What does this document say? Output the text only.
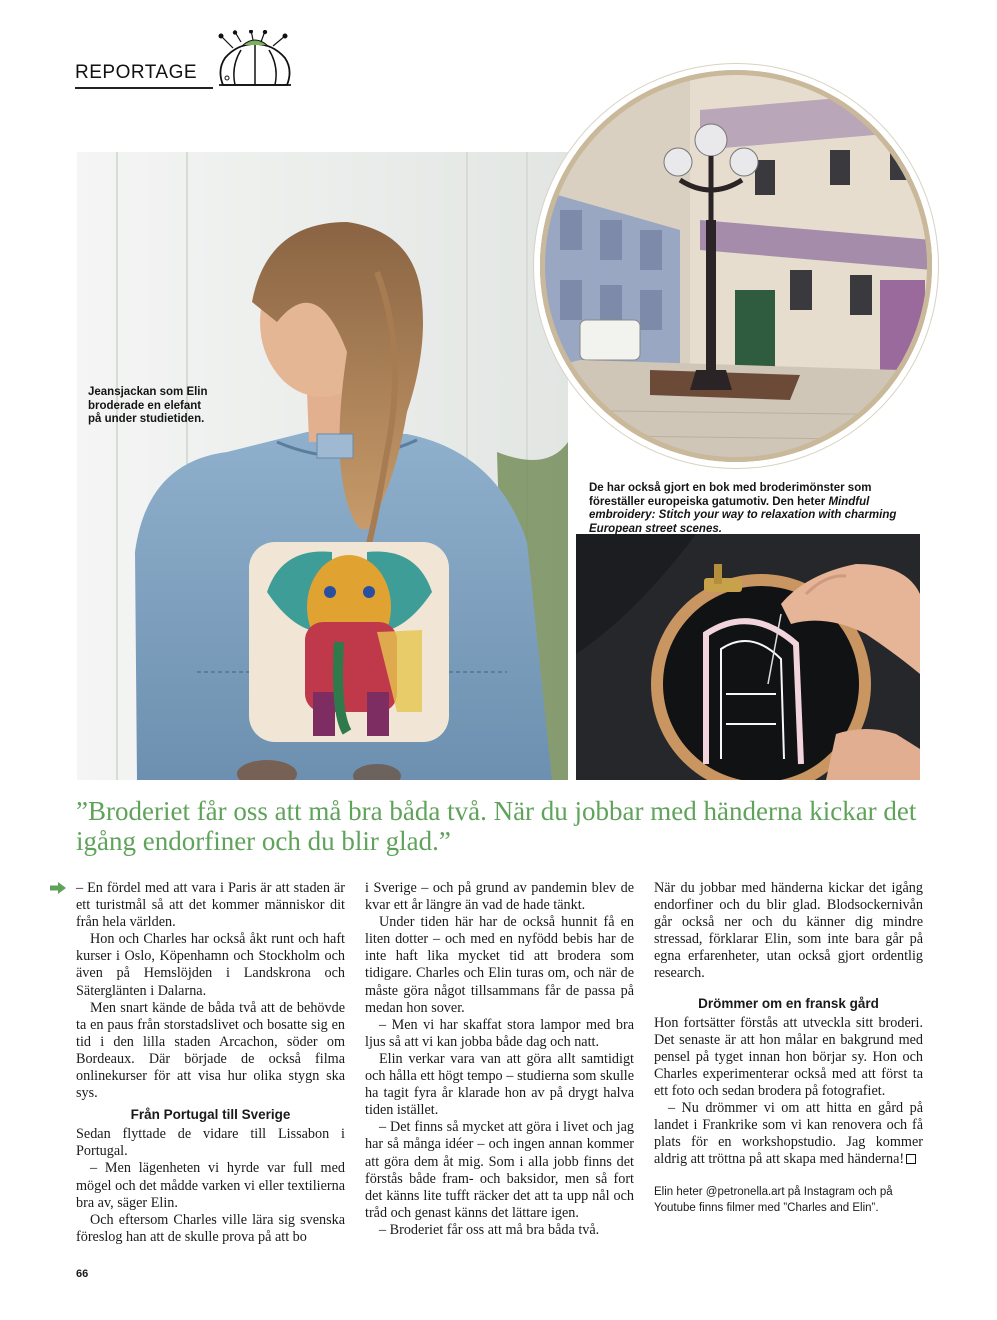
REPORTAGE
Jeansjackan som Elin broderade en elefant på under studietiden.
De har också gjort en bok med broderimönster som föreställer europeiska gatumotiv. Den heter Mindful embroidery: Stitch your way to relaxation with charming European street scenes.
”Broderiet får oss att må bra båda två. När du jobbar med händerna kickar det igång endorfiner och du blir glad.”

– En fördel med att vara i Paris är att staden är ett turistmål så att det kommer människor dit från hela världen.

Hon och Charles har också åkt runt och haft kurser i Oslo, Köpenhamn och Stockholm och även på Hemslöjden i Landskrona och Säterglänten i Dalarna.

Men snart kände de båda två att de behövde ta en paus från storstadslivet och bosatte sig en tid i den lilla staden Arcachon, söder om Bordeaux. Där började de också filma onlinekurser för att visa hur olika stygn ska sys.

Från Portugal till Sverige

Sedan flyttade de vidare till Lissabon i Portugal.

– Men lägenheten vi hyrde var full med mögel och det mådde varken vi eller textilierna bra av, säger Elin.

Och eftersom Charles ville lära sig svenska föreslog han att de skulle prova på att bo

i Sverige – och på grund av pandemin blev de kvar ett år längre än vad de hade tänkt.

Under tiden här har de också hunnit få en liten dotter – och med en nyfödd bebis har de inte haft lika mycket tid att brodera som tidigare. Charles och Elin turas om, och när de måste göra något tillsammans får de passa på medan hon sover.

– Men vi har skaffat stora lampor med bra ljus så att vi kan jobba både dag och natt.

Elin verkar vara van att göra allt samtidigt och hålla ett högt tempo – studierna som skulle ha tagit fyra år klarade hon av på drygt halva tiden istället.

– Det finns så mycket att göra i livet och jag har så många idéer – och ingen annan kommer att göra dem åt mig. Som i alla jobb finns det förstås både fram- och baksidor, men så fort det känns lite tufft räcker det att ta upp nål och tråd och genast känns det lättare igen.

– Broderiet får oss att må bra båda två.

När du jobbar med händerna kickar det igång endorfiner och du blir glad. Blodsockernivån går också ner och du känner dig mindre stressad, förklarar Elin, som inte bara går på egna erfarenheter, utan också gjort ordentlig research.

Drömmer om en fransk gård

Hon fortsätter förstås att utveckla sitt broderi. Det senaste är att hon målar en bakgrund med pensel på tyget innan hon börjar sy. Hon och Charles experimenterar också med att först ta ett foto och sedan brodera på fotografiet.

– Nu drömmer vi om att hitta en gård på landet i Frankrike som vi kan renovera och få plats för en workshopstudio. Jag kommer aldrig att tröttna på att skapa med händerna!

Elin heter @petronella.art på Instagram och på Youtube finns filmer med ”Charles and Elin”.
66
